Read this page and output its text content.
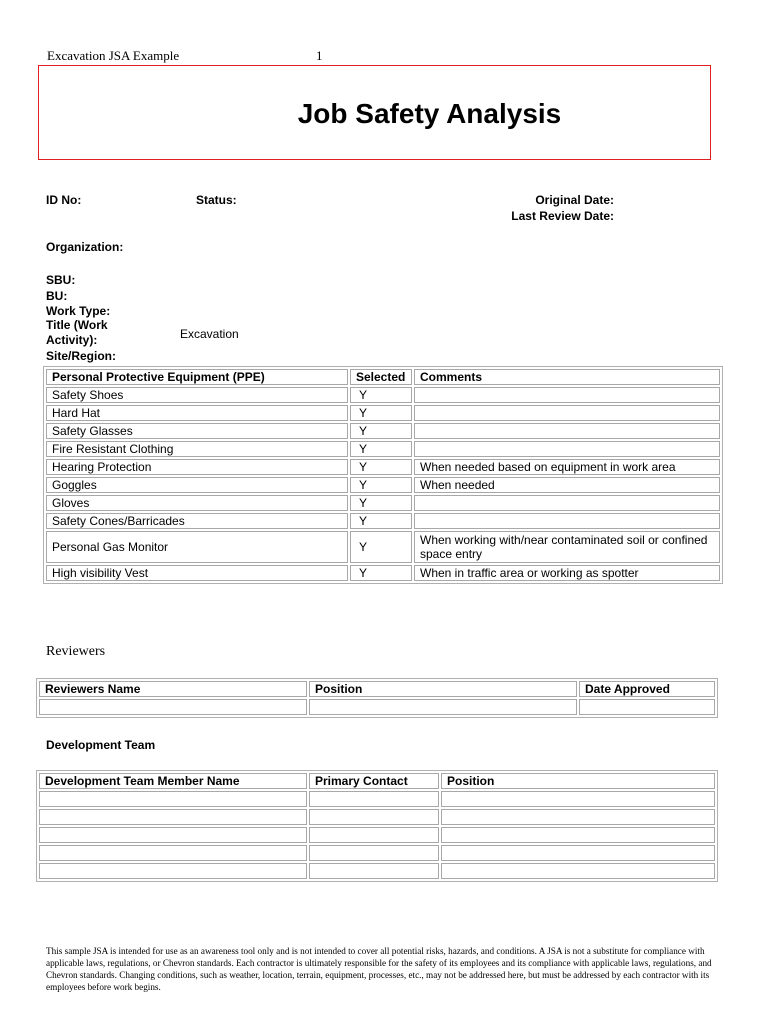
Excavation JSA Example	1
Job Safety Analysis
ID No:	Status:	Original Date:
Last Review Date:
Organization:
SBU:
BU:
Work Type:
Title (Work Activity):	Excavation
Site/Region:
Personal Protective Equipment (PPE)	Selected	Comments
Safety Shoes	Y	
Hard Hat	Y	
Safety Glasses	Y	
Fire Resistant Clothing	Y	
Hearing Protection	Y	When needed based on equipment in work area
Goggles	Y	When needed
Gloves	Y	
Safety Cones/Barricades	Y	
Personal Gas Monitor	Y	When working with/near contaminated soil or confined space entry
High visibility Vest	Y	When in traffic area or working as spotter
Reviewers
Reviewers Name	Position	Date Approved

Development Team
Development Team Member Name	Primary Contact	Position

This sample JSA is intended for use as an awareness tool only and is not intended to cover all potential risks, hazards, and conditions. A JSA is not a substitute for compliance with applicable laws, regulations, or Chevron standards. Each contractor is ultimately responsible for the safety of its employees and its compliance with applicable laws, regulations, and Chevron standards. Changing conditions, such as weather, location, terrain, equipment, processes, etc., may not be addressed here, but must be addressed by each contractor with its employees before work begins.
